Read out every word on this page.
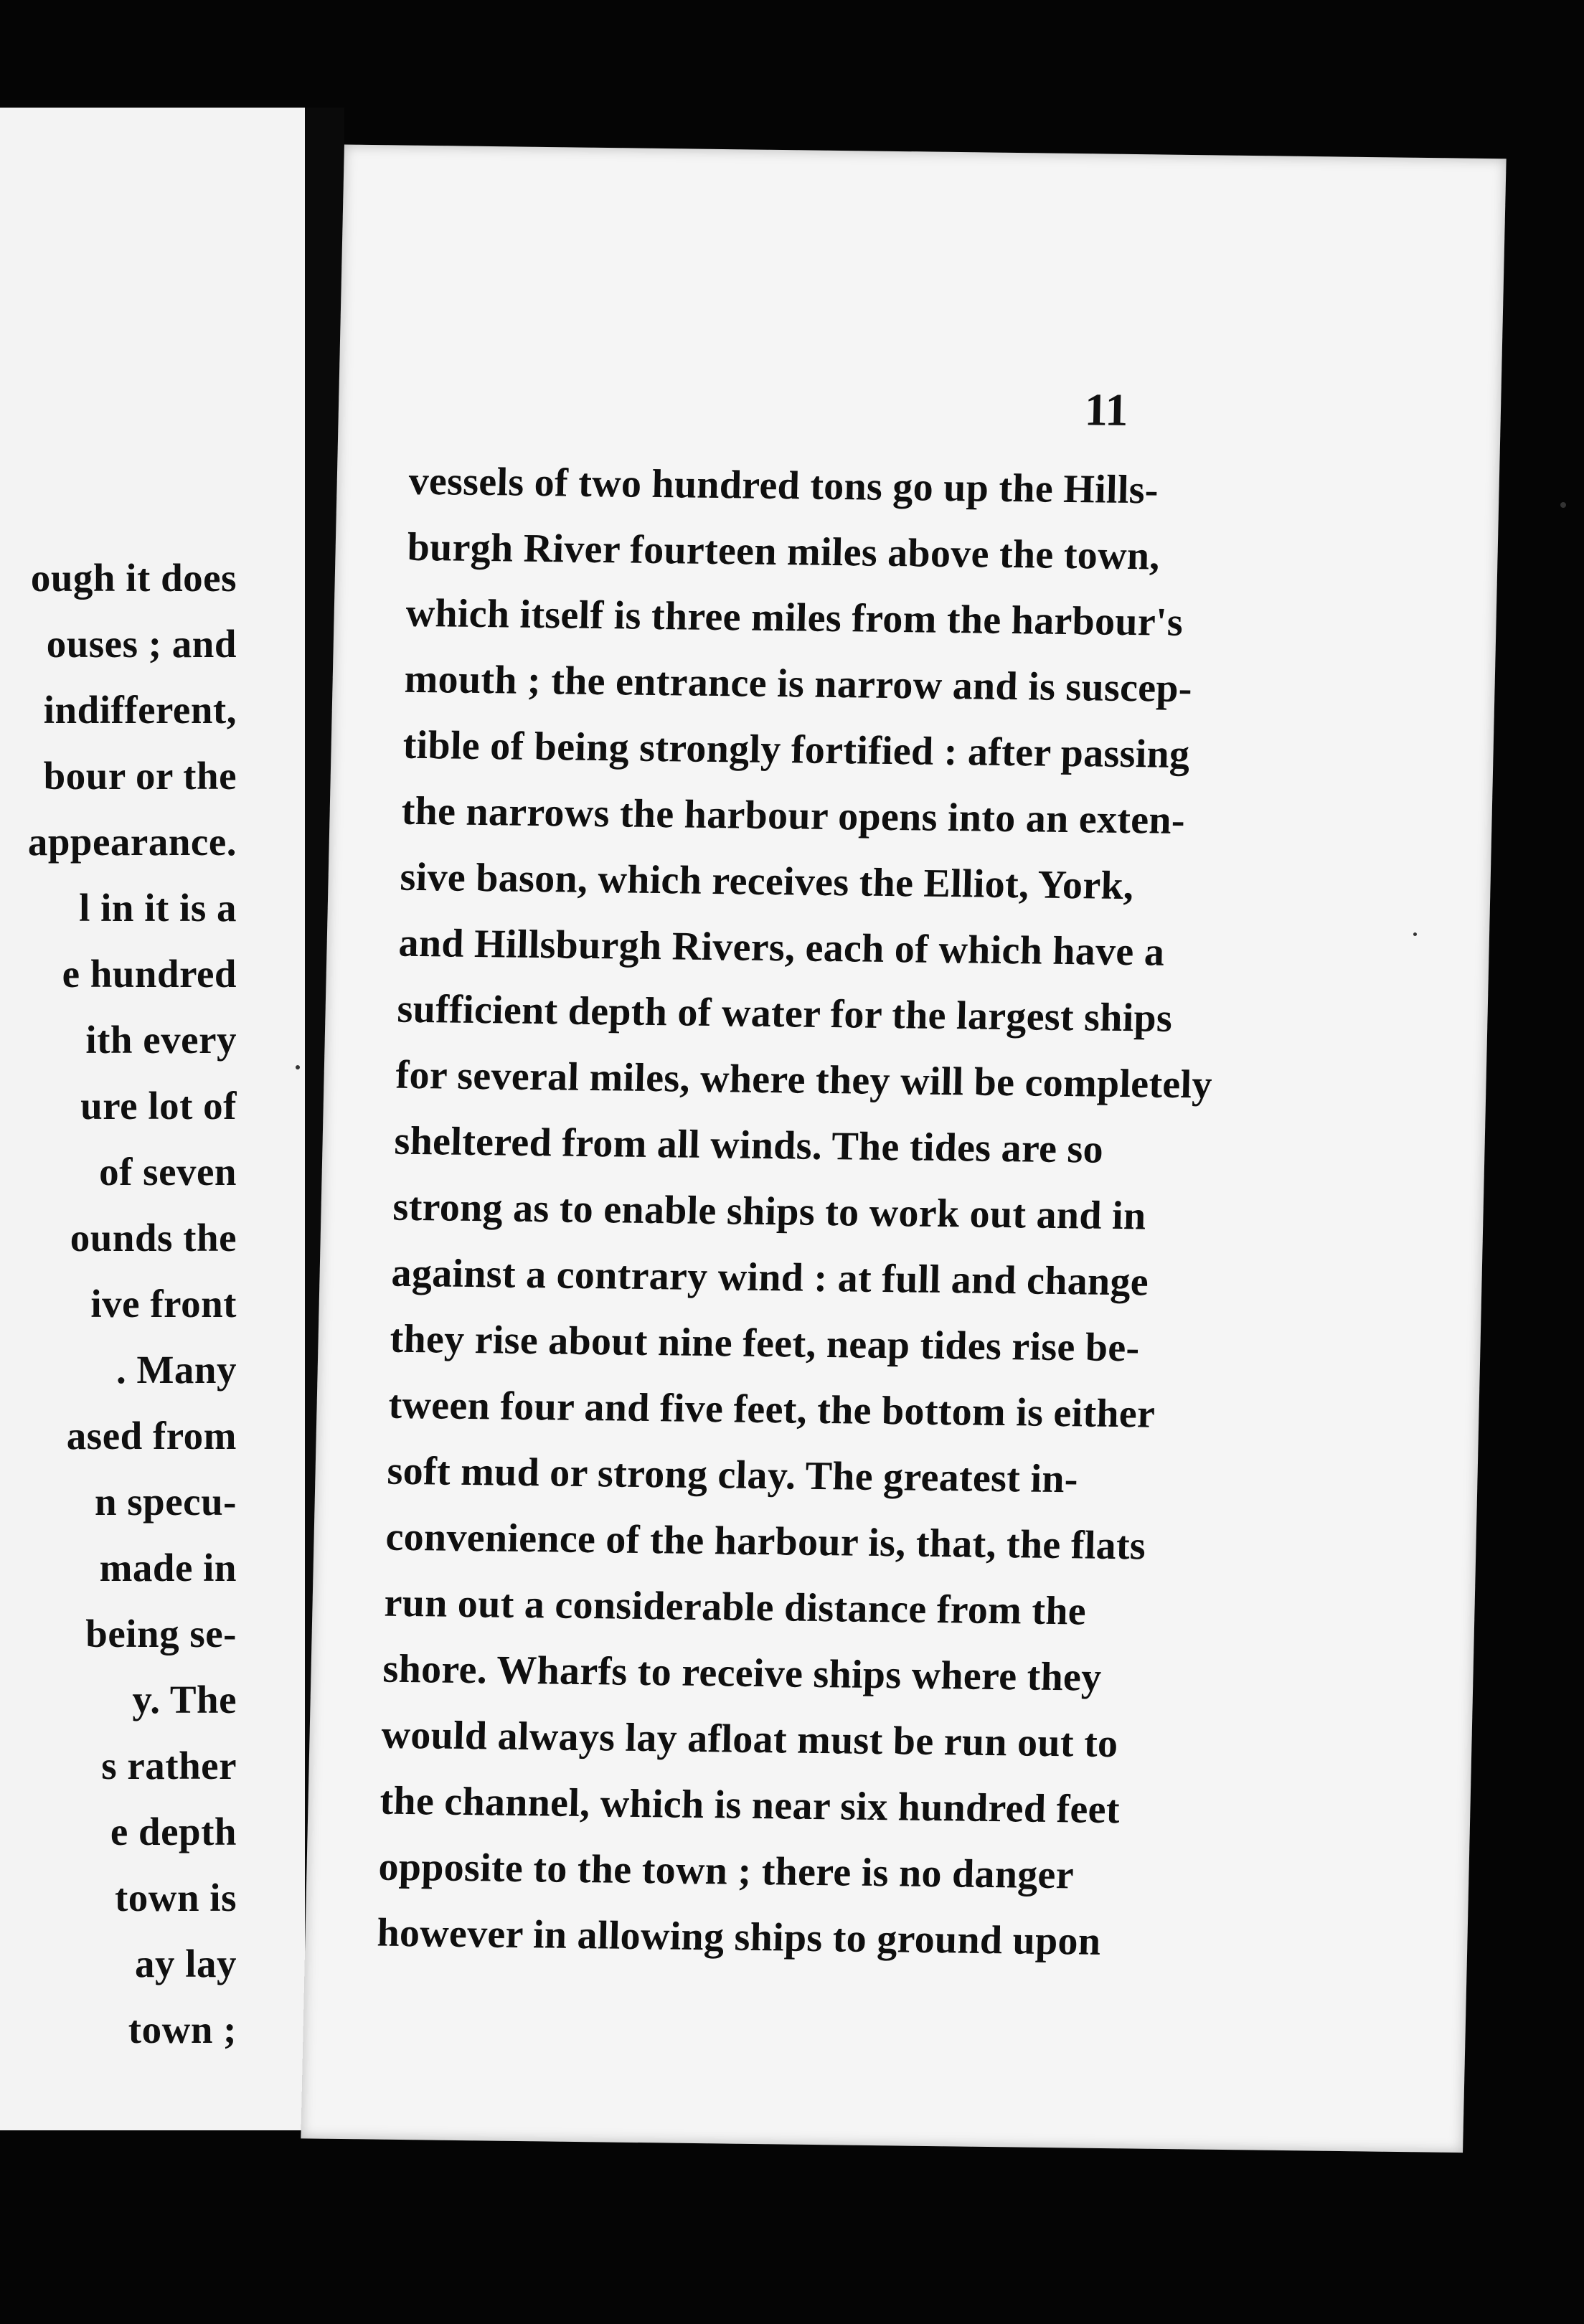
ough it does
ouses ; and
indifferent,
bour or the
appearance.
l in it is a
e hundred
ith every
ure lot of
of seven
ounds the
ive front
. Many
ased from
n specu-
made in
being se-
y. The
s rather
e depth
town is
ay lay
town ;
11
vessels of two hundred tons go up the Hills-
burgh River fourteen miles above the town,
which itself is three miles from the harbour's
mouth ; the entrance is narrow and is suscep-
tible of being strongly fortified : after passing
the narrows the harbour opens into an exten-
sive bason, which receives the Elliot, York,
and Hillsburgh Rivers, each of which have a
sufficient depth of water for the largest ships
for several miles, where they will be completely
sheltered from all winds. The tides are so
strong as to enable ships to work out and in
against a contrary wind : at full and change
they rise about nine feet, neap tides rise be-
tween four and five feet, the bottom is either
soft mud or strong clay. The greatest in-
convenience of the harbour is, that, the flats
run out a considerable distance from the
shore. Wharfs to receive ships where they
would always lay afloat must be run out to
the channel, which is near six hundred feet
opposite to the town ; there is no danger
however in allowing ships to ground upon
